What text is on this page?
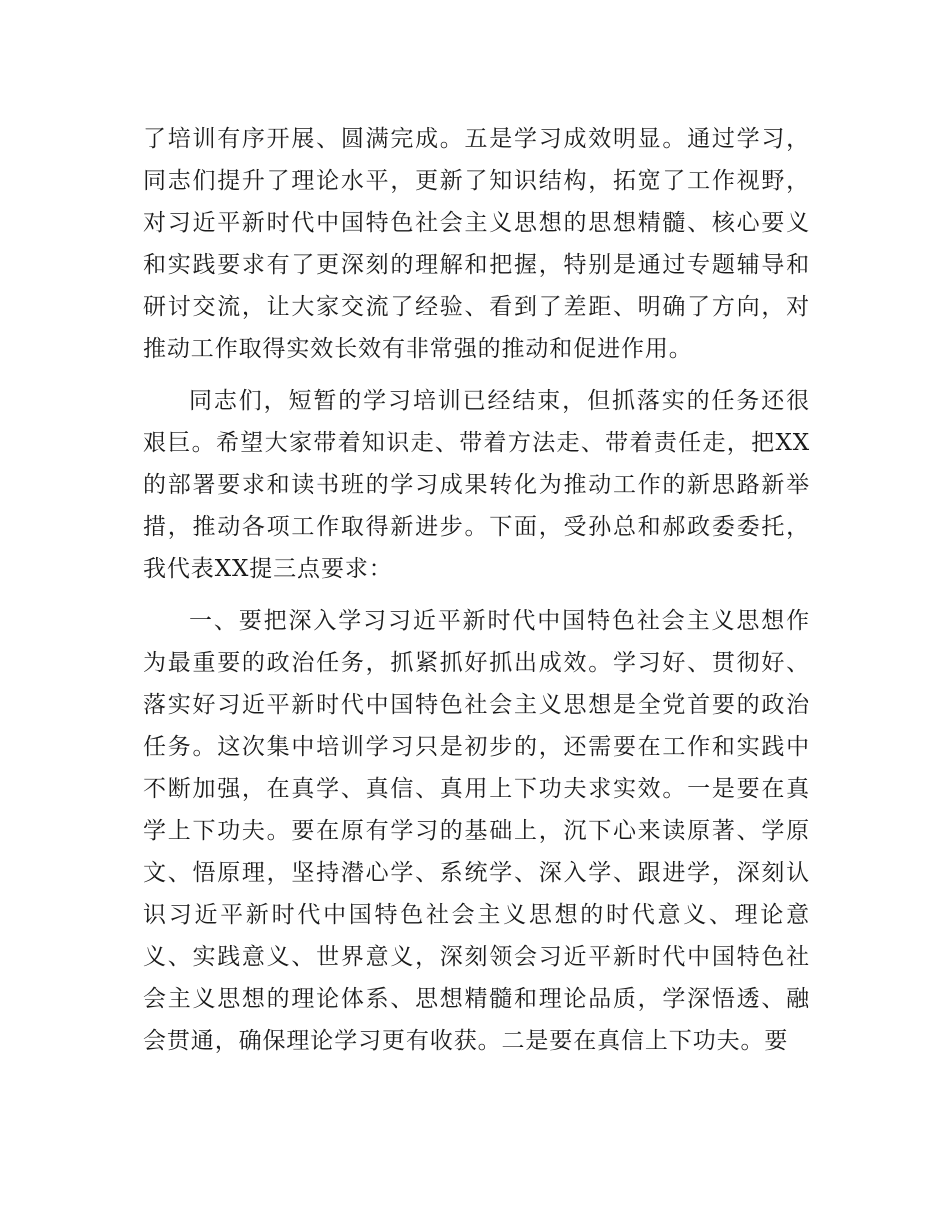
了培训有序开展、圆满完成。五是学习成效明显。通过学习，同志们提升了理论水平，更新了知识结构，拓宽了工作视野，对习近平新时代中国特色社会主义思想的思想精髓、核心要义和实践要求有了更深刻的理解和把握，特别是通过专题辅导和研讨交流，让大家交流了经验、看到了差距、明确了方向，对推动工作取得实效长效有非常强的推动和促进作用。

同志们，短暂的学习培训已经结束，但抓落实的任务还很艰巨。希望大家带着知识走、带着方法走、带着责任走，把XX的部署要求和读书班的学习成果转化为推动工作的新思路新举措，推动各项工作取得新进步。下面，受孙总和郝政委委托，我代表XX提三点要求：

一、要把深入学习习近平新时代中国特色社会主义思想作为最重要的政治任务，抓紧抓好抓出成效。学习好、贯彻好、落实好习近平新时代中国特色社会主义思想是全党首要的政治任务。这次集中培训学习只是初步的，还需要在工作和实践中不断加强，在真学、真信、真用上下功夫求实效。一是要在真学上下功夫。要在原有学习的基础上，沉下心来读原著、学原文、悟原理，坚持潜心学、系统学、深入学、跟进学，深刻认识习近平新时代中国特色社会主义思想的时代意义、理论意义、实践意义、世界意义，深刻领会习近平新时代中国特色社会主义思想的理论体系、思想精髓和理论品质，学深悟透、融会贯通，确保理论学习更有收获。二是要在真信上下功夫。要
